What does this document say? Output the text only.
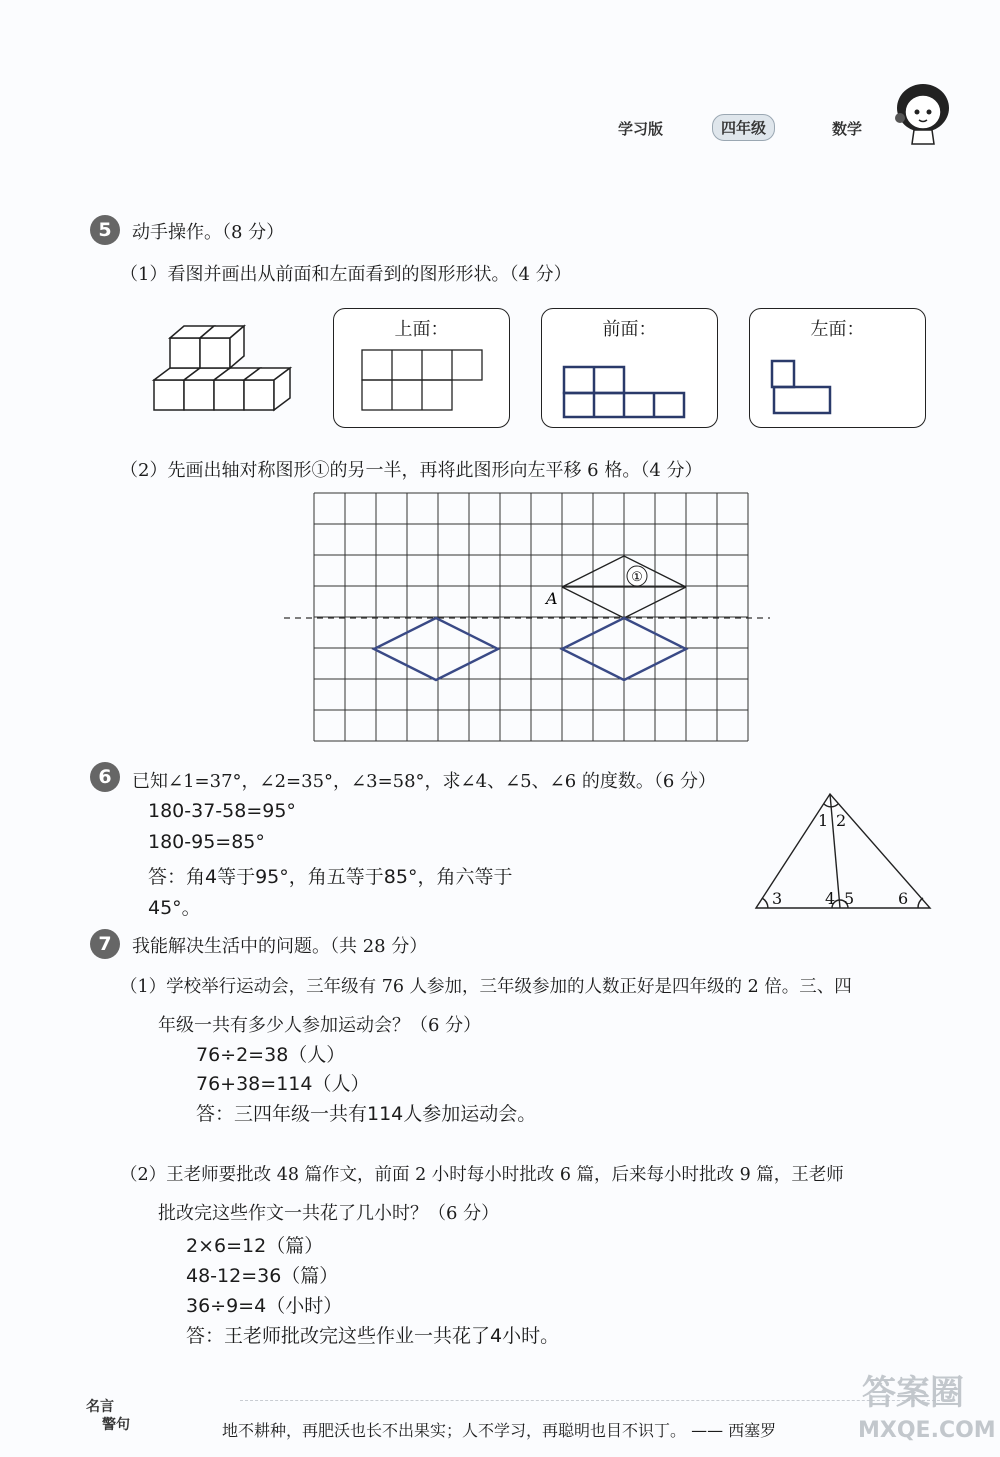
学习版	四年级	数学
5	动手操作。（8 分）
（1）看图并画出从前面和左面看到的图形形状。（4 分）
上面：	前面：	左面：
（2）先画出轴对称图形①的另一半，再将此图形向左平移 6 格。（4 分）
①
A
6	已知∠1=37°，∠2=35°，∠3=58°，求∠4、∠5、∠6 的度数。（6 分）
180-37-58=95°
180-95=85°
答：角4等于95°，角五等于85°，角六等于
45°。
1 2
3	4 5	6
7	我能解决生活中的问题。（共 28 分）
（1）学校举行运动会，三年级有 76 人参加，三年级参加的人数正好是四年级的 2 倍。三、四
年级一共有多少人参加运动会？（6 分）
76÷2=38（人）
76+38=114（人）
答：三四年级一共有114人参加运动会。
（2）王老师要批改 48 篇作文，前面 2 小时每小时批改 6 篇，后来每小时批改 9 篇，王老师
批改完这些作文一共花了几小时？（6 分）
2×6=12（篇）
48-12=36（篇）
36÷9=4（小时）
答：王老师批改完这些作业一共花了4小时。
名言
警句	地不耕种，再肥沃也长不出果实；人不学习，再聪明也目不识丁。 —— 西塞罗
答案圈
MXQE.COM
